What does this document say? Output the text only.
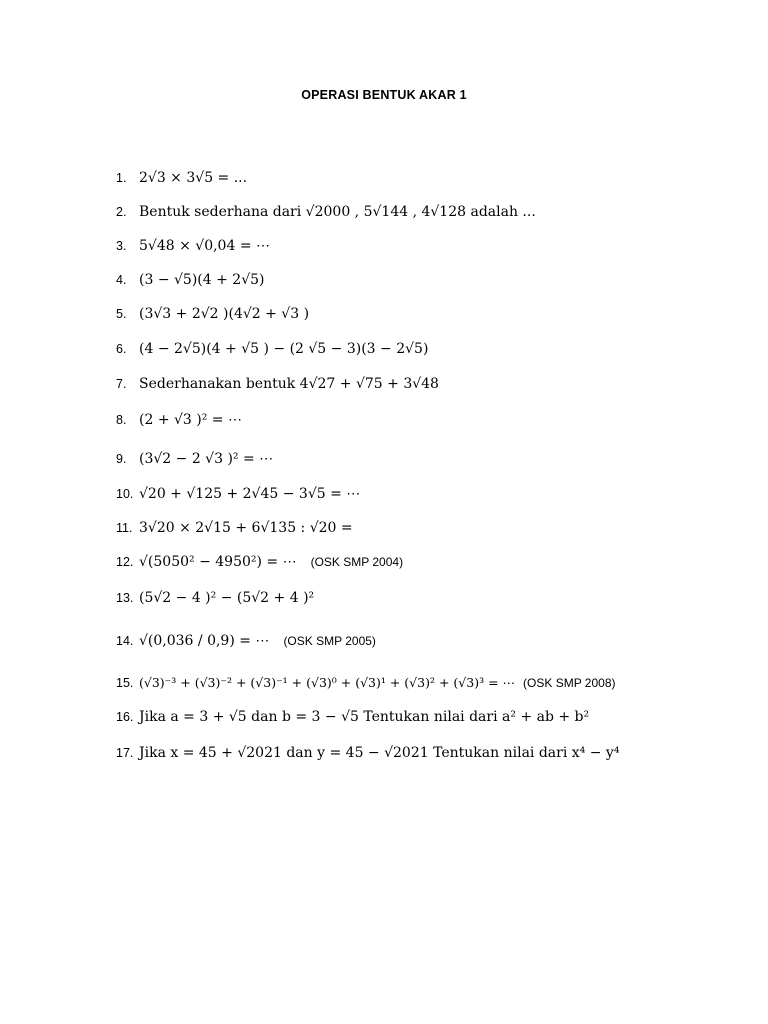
OPERASI BENTUK AKAR 1
1. 2√3 × 3√5 = ...
2. Bentuk sederhana dari √2000 , 5√144 , 4√128 adalah ...
3. 5√48 × √0,04 = ⋯
4. (3 − √5)(4 + 2√5)
5. (3√3 + 2√2 )(4√2 + √3 )
6. (4 − 2√5)(4 + √5 ) − (2 √5 − 3)(3 − 2√5)
7. Sederhanakan bentuk 4√27 + √75 + 3√48
8. (2 + √3 )² = ⋯
9. (3√2 − 2 √3 )² = ⋯
10. √20 + √125 + 2√45 − 3√5 = ⋯
11. 3√20 × 2√15 + 6√135 : √20 =
12. √(5050² − 4950²) = ⋯ (OSK SMP 2004)
13. (5√2 − 4 )² − (5√2 + 4 )²
14. √(0,036 / 0,9) = ⋯ (OSK SMP 2005)
15. (√3)⁻³ + (√3)⁻² + (√3)⁻¹ + (√3)⁰ + (√3)¹ + (√3)² + (√3)³ = ⋯ (OSK SMP 2008)
16. Jika a = 3 + √5 dan b = 3 − √5 Tentukan nilai dari a² + ab + b²
17. Jika x = 45 + √2021 dan y = 45 − √2021 Tentukan nilai dari x⁴ − y⁴
